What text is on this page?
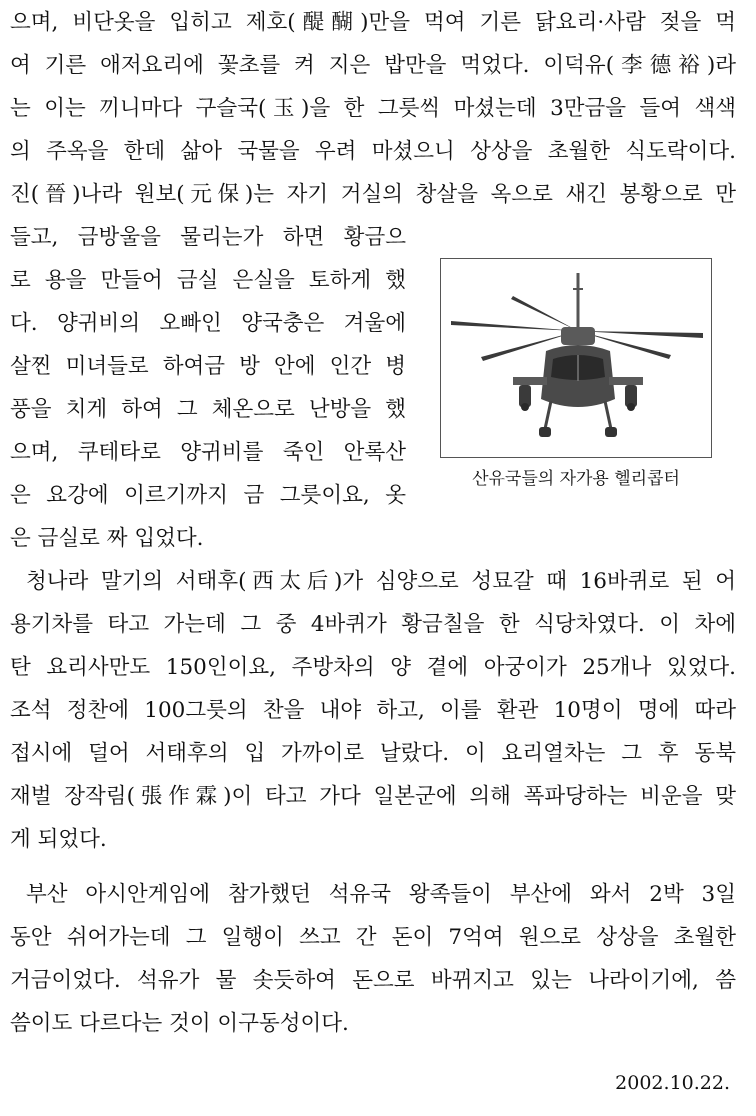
으며, 비단옷을 입히고 제호(醍醐)만을 먹여 기른 닭요리·사람 젖을 먹
여 기른 애저요리에 꽃초를 켜 지은 밥만을 먹었다. 이덕유(李德裕)라
는 이는 끼니마다 구슬국(玉)을 한 그릇씩 마셨는데 3만금을 들여 색색
의 주옥을 한데 삶아 국물을 우려 마셨으니 상상을 초월한 식도락이다.
진(晉)나라 원보(元保)는 자기 거실의 창살을 옥으로 새긴 봉황으로 만
들고, 금방울을 물리는가 하면 황금으
로 용을 만들어 금실 은실을 토하게 했
다. 양귀비의 오빠인 양국충은 겨울에
살찐 미녀들로 하여금 방 안에 인간 병
풍을 치게 하여 그 체온으로 난방을 했
으며, 쿠테타로 양귀비를 죽인 안록산
은 요강에 이르기까지 금 그릇이요, 옷
은 금실로 짜 입었다.
청나라 말기의 서태후(西太后)가 심양으로 성묘갈 때 16바퀴로 된 어
용기차를 타고 가는데 그 중 4바퀴가 황금칠을 한 식당차였다. 이 차에
탄 요리사만도 150인이요, 주방차의 양 곁에 아궁이가 25개나 있었다.
조석 정찬에 100그릇의 찬을 내야 하고, 이를 환관 10명이 명에 따라
접시에 덜어 서태후의 입 가까이로 날랐다. 이 요리열차는 그 후 동북
재벌 장작림(張作霖)이 타고 가다 일본군에 의해 폭파당하는 비운을 맞
게 되었다.
부산 아시안게임에 참가했던 석유국 왕족들이 부산에 와서 2박 3일
동안 쉬어가는데 그 일행이 쓰고 간 돈이 7억여 원으로 상상을 초월한
거금이었다. 석유가 물 솟듯하여 돈으로 바뀌지고 있는 나라이기에, 씀
씀이도 다르다는 것이 이구동성이다.
산유국들의 자가용 헬리콥터
2002.10.22.
